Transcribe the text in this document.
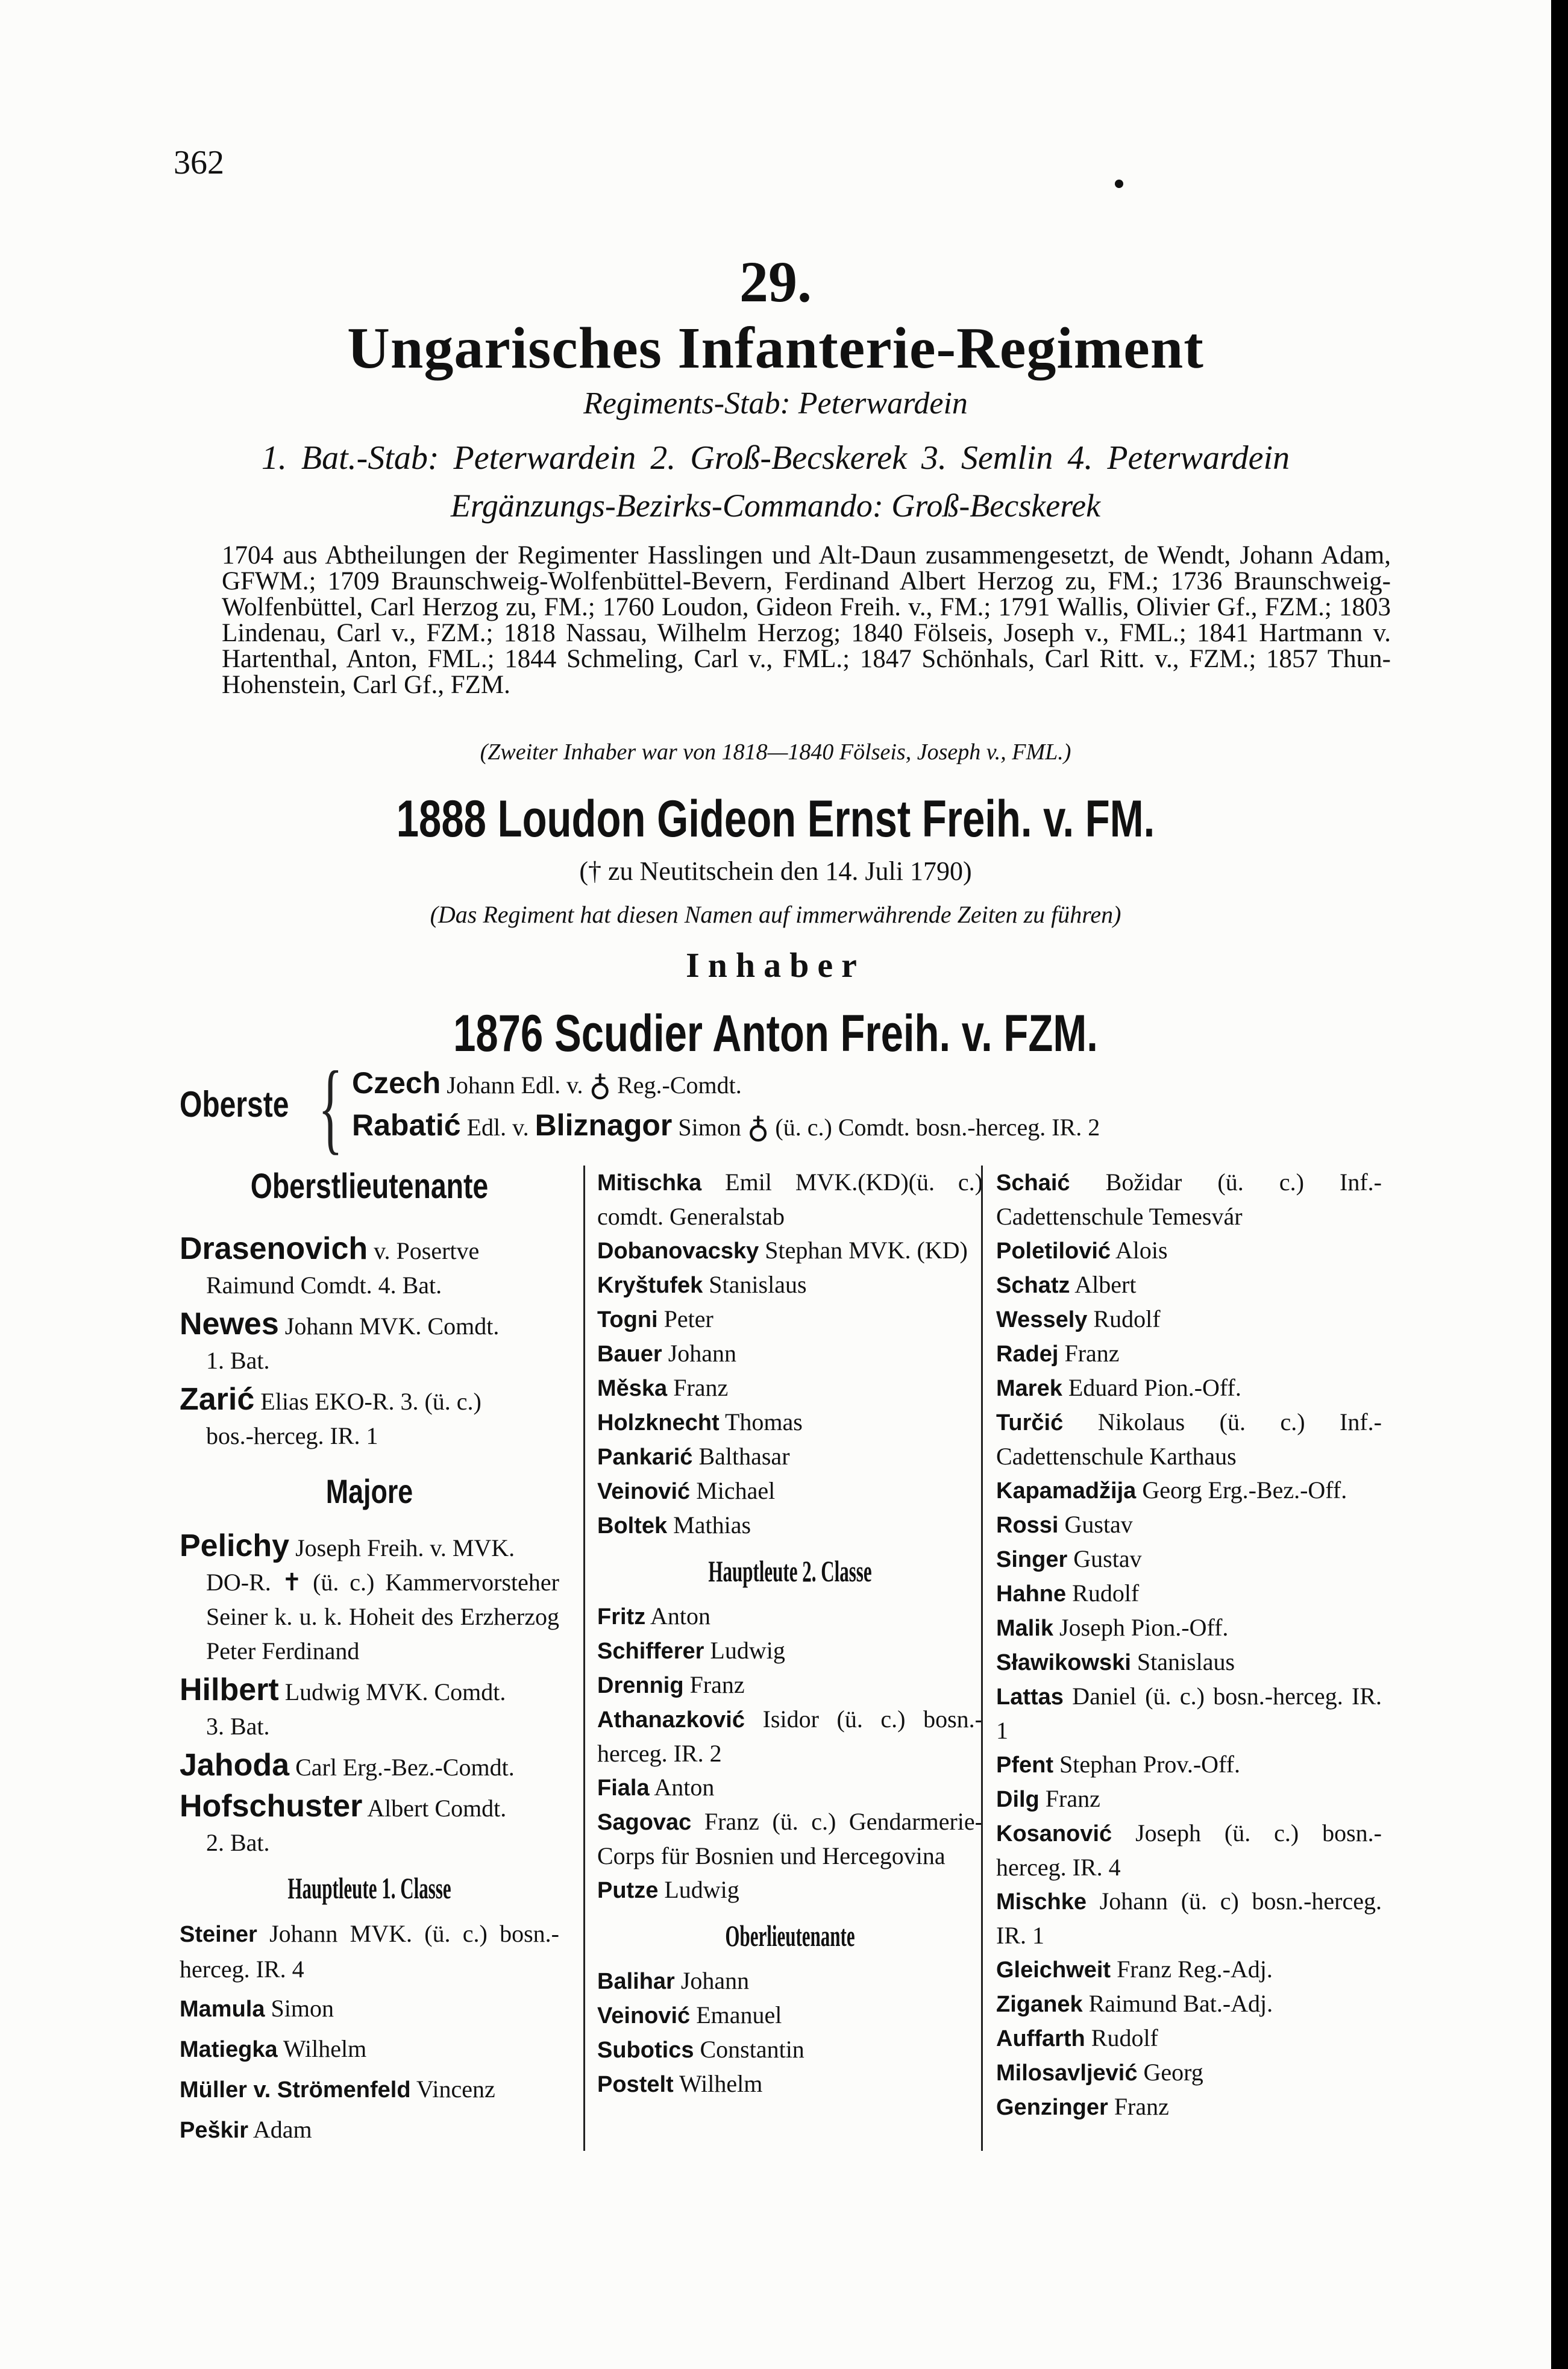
362
29.
Ungarisches Infanterie-Regiment
Regiments-Stab: Peterwardein
1. Bat.-Stab: Peterwardein 2. Groß-Becskerek 3. Semlin 4. Peterwardein
Ergänzungs-Bezirks-Commando: Groß-Becskerek
1704 aus Abtheilungen der Regimenter Hasslingen und Alt-Daun zusammengesetzt, de Wendt, Johann Adam, GFWM.; 1709 Braunschweig-Wolfenbüttel-Bevern, Ferdinand Albert Herzog zu, FM.; 1736 Braunschweig-Wolfenbüttel, Carl Herzog zu, FM.; 1760 Loudon, Gideon Freih. v., FM.; 1791 Wallis, Olivier Gf., FZM.; 1803 Lindenau, Carl v., FZM.; 1818 Nassau, Wilhelm Herzog; 1840 Fölseis, Joseph v., FML.; 1841 Hartmann v. Hartenthal, Anton, FML.; 1844 Schmeling, Carl v., FML.; 1847 Schönhals, Carl Ritt. v., FZM.; 1857 Thun-Hohenstein, Carl Gf., FZM.
(Zweiter Inhaber war von 1818—1840 Fölseis, Joseph v., FML.)
1888 Loudon Gideon Ernst Freih. v. FM.
(† zu Neutitschein den 14. Juli 1790)
(Das Regiment hat diesen Namen auf immerwährende Zeiten zu führen)
Inhaber
1876 Scudier Anton Freih. v. FZM.
Oberste { Czech Johann Edl. v. ♁ Reg.-Comdt.
Rabatić Edl. v. Bliznagor Simon ♁ (ü. c.) Comdt. bosn.-herceg. IR. 2
Oberstlieutenante
Drasenovich v. Posertve
Raimund Comdt. 4. Bat.
Newes Johann MVK. Comdt.
1. Bat.
Zarić Elias EKO-R. 3. (ü. c.)
bos.-herceg. IR. 1
Majore
Pelichy Joseph Freih. v. MVK.
DO-R. ✝ (ü. c.) Kammervorsteher Seiner k. u. k. Hoheit des Erzherzog Peter Ferdinand
Hilbert Ludwig MVK. Comdt.
3. Bat.
Jahoda Carl Erg.-Bez.-Comdt.
Hofschuster Albert Comdt.
2. Bat.
Hauptleute 1. Classe
Steiner Johann MVK. (ü. c.) bosn.-herceg. IR. 4
Mamula Simon
Matiegka Wilhelm
Müller v. Strömenfeld Vincenz
Peškir Adam
Mitischka Emil MVK.(KD)(ü. c.) comdt. Generalstab
Dobanovacsky Stephan MVK. (KD)
Kryštufek Stanislaus
Togni Peter
Bauer Johann
Měska Franz
Holzknecht Thomas
Pankarić Balthasar
Veinović Michael
Boltek Mathias
Hauptleute 2. Classe
Fritz Anton
Schifferer Ludwig
Drennig Franz
Athanazković Isidor (ü. c.) bosn.-herceg. IR. 2
Fiala Anton
Sagovac Franz (ü. c.) Gendarmerie-Corps für Bosnien und Hercegovina
Putze Ludwig
Oberlieutenante
Balihar Johann
Veinović Emanuel
Subotics Constantin
Postelt Wilhelm
Schaić Božidar (ü. c.) Inf.-Cadettenschule Temesvár
Poletilović Alois
Schatz Albert
Wessely Rudolf
Radej Franz
Marek Eduard Pion.-Off.
Turčić Nikolaus (ü. c.) Inf.-Cadettenschule Karthaus
Kapamadžija Georg Erg.-Bez.-Off.
Rossi Gustav
Singer Gustav
Hahne Rudolf
Malik Joseph Pion.-Off.
Sławikowski Stanislaus
Lattas Daniel (ü. c.) bosn.-herceg. IR. 1
Pfent Stephan Prov.-Off.
Dilg Franz
Kosanović Joseph (ü. c.) bosn.-herceg. IR. 4
Mischke Johann (ü. c) bosn.-herceg. IR. 1
Gleichweit Franz Reg.-Adj.
Ziganek Raimund Bat.-Adj.
Auffarth Rudolf
Milosavljević Georg
Genzinger Franz
